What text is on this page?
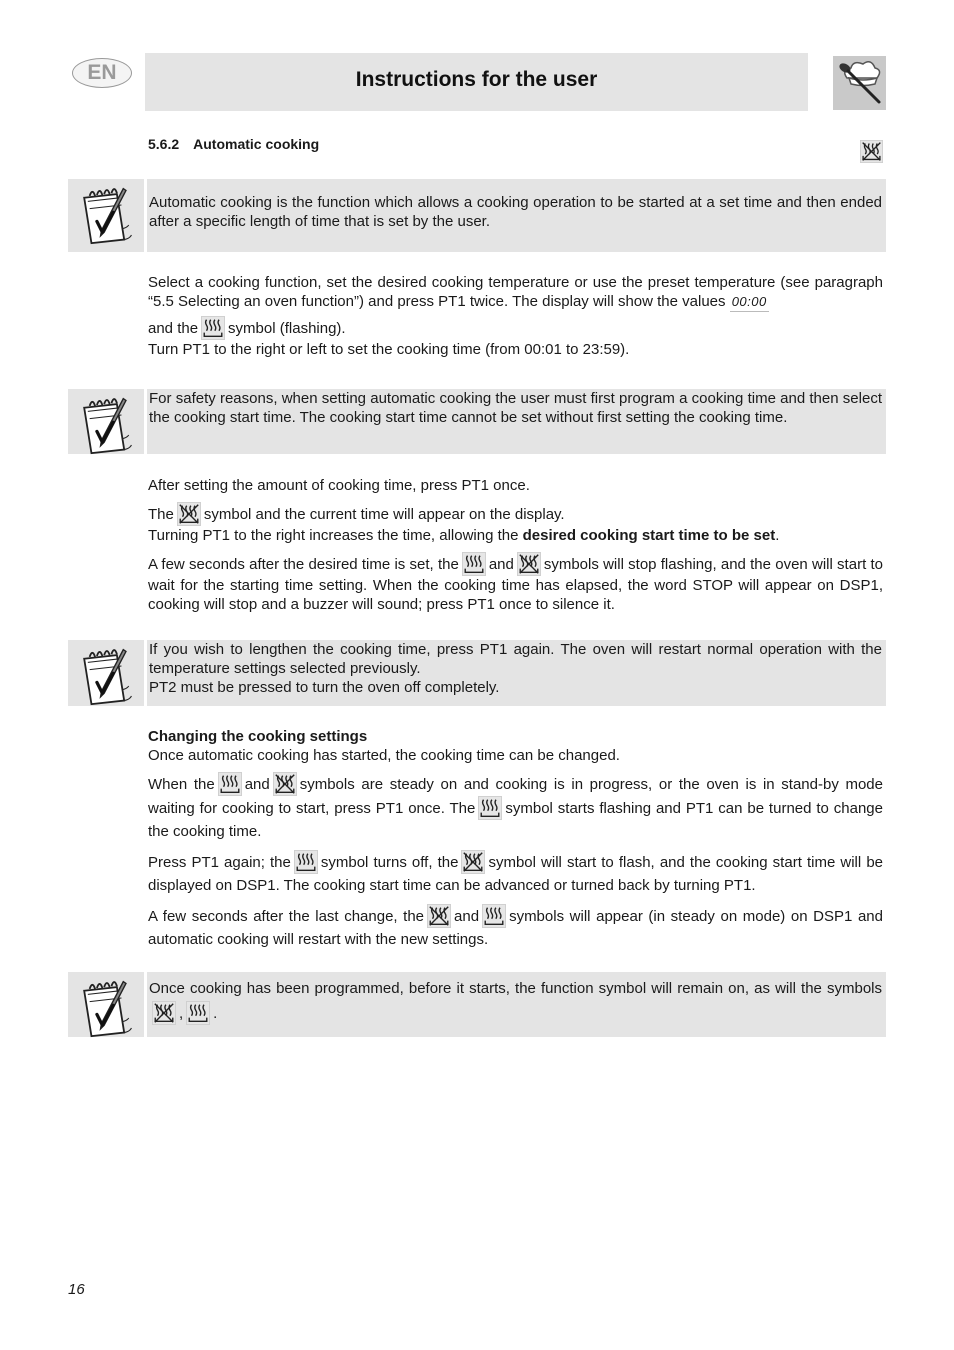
EN	Instructions for the user
5.6.2 Automatic cooking
Automatic cooking is the function which allows a cooking operation to be started at a set time and then ended after a specific length of time that is set by the user.

Select a cooking function, set the desired cooking temperature or use the preset temperature (see paragraph “5.5 Selecting an oven function”) and press PT1 twice. The display will show the values 00:00

and the symbol (flashing).
Turn PT1 to the right or left to set the cooking time (from 00:01 to 23:59).

For safety reasons, when setting automatic cooking the user must first program a cooking time and then select the cooking start time. The cooking start time cannot be set without first setting the cooking time.

After setting the amount of cooking time, press PT1 once.

The symbol and the current time will appear on the display.
Turning PT1 to the right increases the time, allowing the desired cooking start time to be set.

A few seconds after the desired time is set, the and symbols will stop flashing, and the oven will start to wait for the starting time setting. When the cooking time has elapsed, the word STOP will appear on DSP1, cooking will stop and a buzzer will sound; press PT1 once to silence it.

If you wish to lengthen the cooking time, press PT1 again. The oven will restart normal operation with the temperature settings selected previously.
PT2 must be pressed to turn the oven off completely.

Changing the cooking settings

Once automatic cooking has started, the cooking time can be changed.

When the and symbols are steady on and cooking is in progress, or the oven is in stand-by mode waiting for cooking to start, press PT1 once. The symbol starts flashing and PT1 can be turned to change the cooking time.

Press PT1 again; the symbol turns off, the symbol will start to flash, and the cooking start time will be displayed on DSP1. The cooking start time can be advanced or turned back by turning PT1.

A few seconds after the last change, the and symbols will appear (in steady on mode) on DSP1 and automatic cooking will restart with the new settings.

Once cooking has been programmed, before it starts, the function symbol will remain on, as will the symbols, .
16
